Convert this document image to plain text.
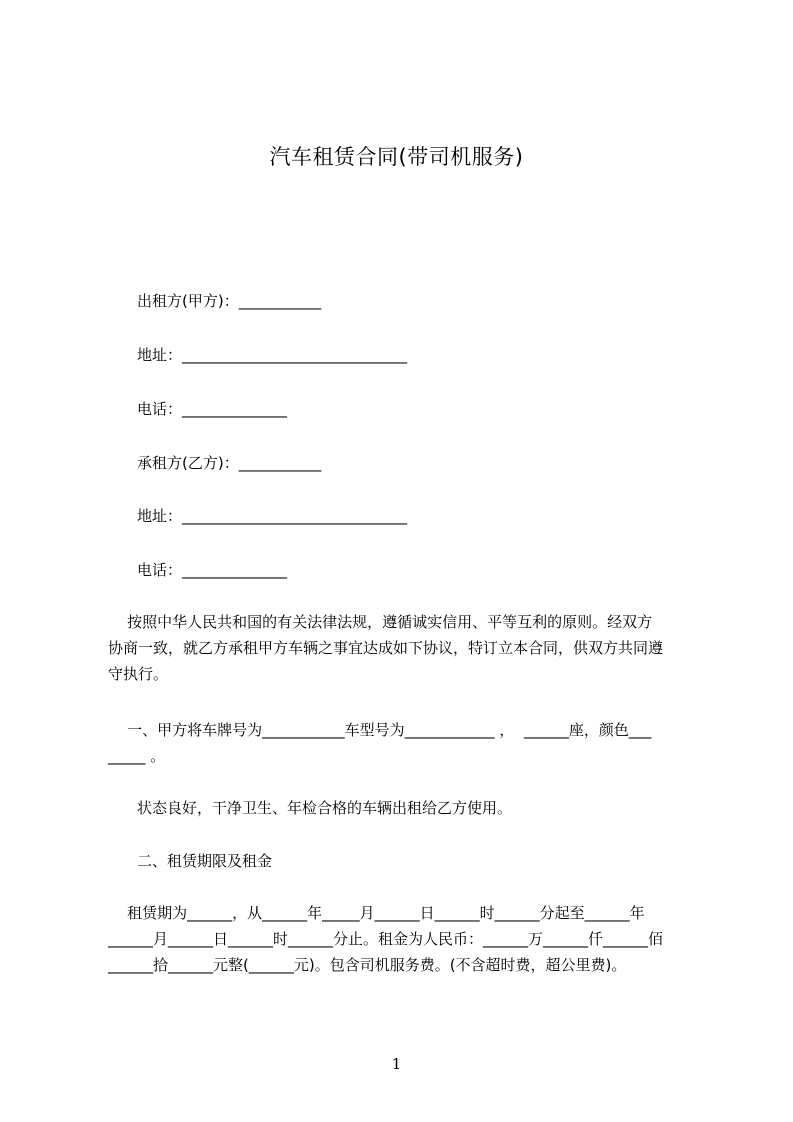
汽车租赁合同(带司机服务)
出租方(甲方)：___________
地址：______________________________
电话：______________
承租方(乙方)：___________
地址：______________________________
电话：______________
按照中华人民共和国的有关法律法规，遵循诚实信用、平等互利的原则。经双方
协商一致，就乙方承租甲方车辆之事宜达成如下协议，特订立本合同，供双方共同遵
守执行。
一、甲方将车牌号为___________车型号为____________ ，  ______座，颜色___
_____ 。
状态良好，干净卫生、年检合格的车辆出租给乙方使用。
二、租赁期限及租金
租赁期为______，从______年_____月______日______时______分起至______年
______月______日______时______分止。租金为人民币：______万______仟______佰
______拾______元整(______元)。包含司机服务费。(不含超时费，超公里费)。
1
